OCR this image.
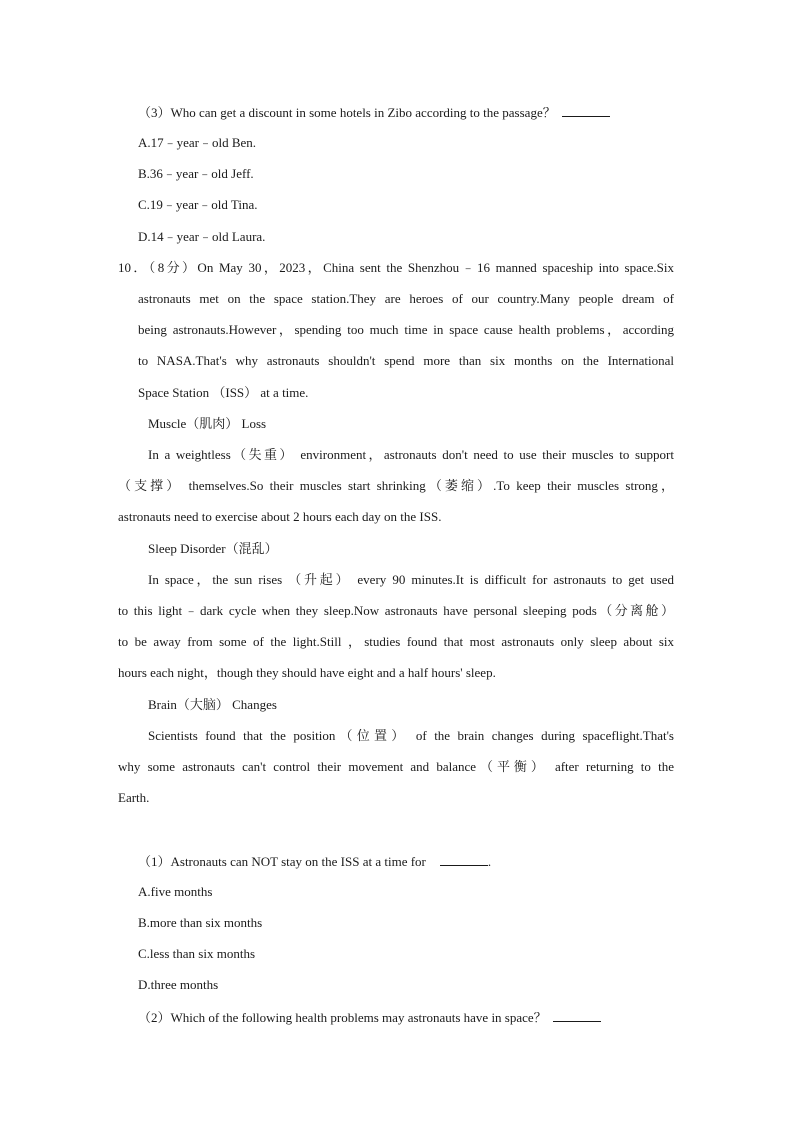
（3）Who can get a discount in some hotels in Zibo according to the passage？
A.17﹣year﹣old Ben.
B.36﹣year﹣old Jeff.
C.19﹣year﹣old Tina.
D.14﹣year﹣old Laura.
10．（8分）On May 30，2023，China sent the Shenzhou﹣16 manned spaceship into space.Six
astronauts met on the space station.They are heroes of our country.Many people dream of
being astronauts.However，spending too much time in space cause health problems，according
to NASA.That's why astronauts shouldn't spend more than six months on the International
Space Station （ISS） at a time.
Muscle（肌肉） Loss
In a weightless（失重） environment，astronauts don't need to use their muscles to support
（支撑） themselves.So their muscles start shrinking（萎缩）.To keep their muscles strong，
astronauts need to exercise about 2 hours each day on the ISS.
Sleep Disorder（混乱）
In space，the sun rises （升起） every 90 minutes.It is difficult for astronauts to get used
to this light﹣dark cycle when they sleep.Now astronauts have personal sleeping pods（分离舱）
to be away from some of the light.Still ，studies found that most astronauts only sleep about six
hours each night，though they should have eight and a half hours' sleep.
Brain（大脑） Changes
Scientists found that the position（位置） of the brain changes during spaceflight.That's
why some astronauts can't control their movement and balance（平衡） after returning to the
Earth.
（1）Astronauts can NOT stay on the ISS at a time for	.
A.five months
B.more than six months
C.less than six months
D.three months
（2）Which of the following health problems may astronauts have in space？
